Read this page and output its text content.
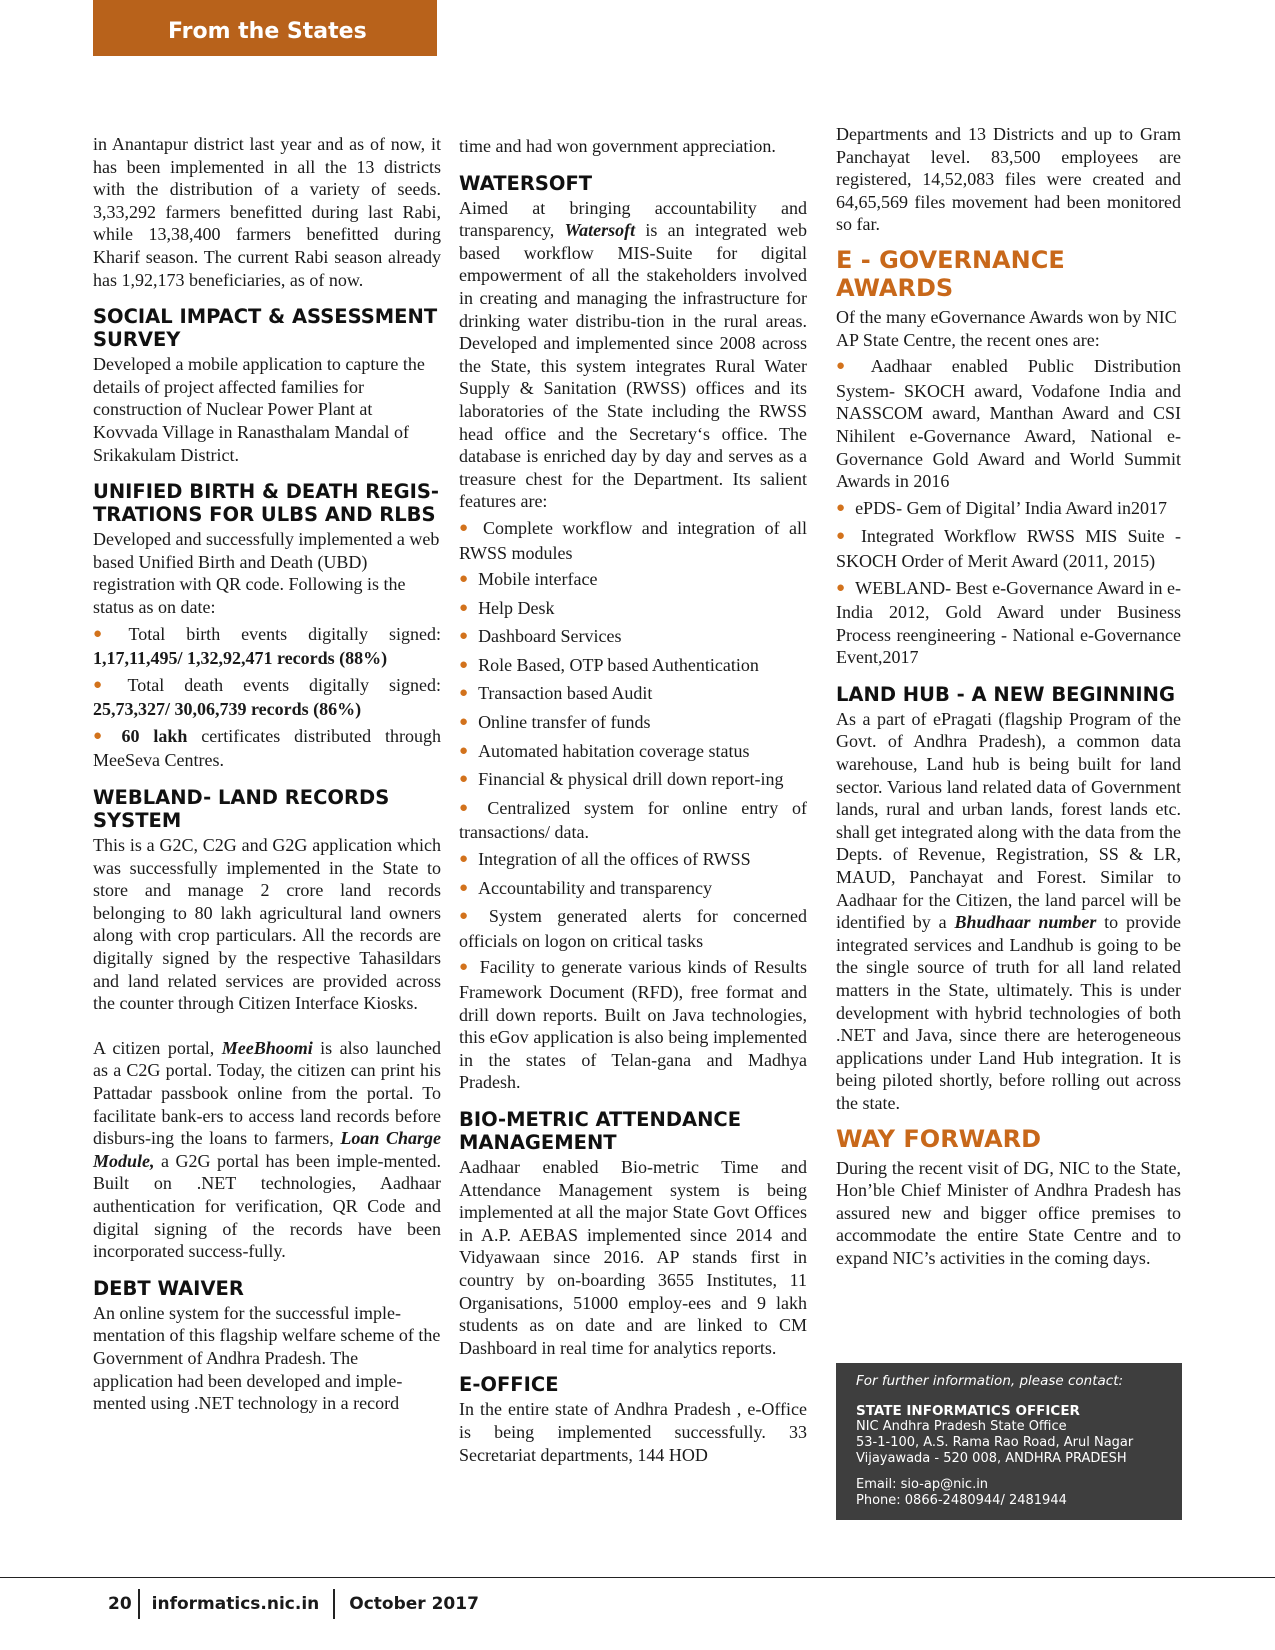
From the States

in Anantapur district last year and as of now, it has been implemented in all the 13 districts with the distribution of a variety of seeds. 3,33,292 farmers benefitted during last Rabi, while 13,38,400 farmers benefitted during Kharif season. The current Rabi season already has 1,92,173 beneficiaries, as of now.

SOCIAL IMPACT & ASSESSMENT SURVEY

Developed a mobile application to capture the details of project affected families for construction of Nuclear Power Plant at Kovvada Village in Ranasthalam Mandal of Srikakulam District.

UNIFIED BIRTH & DEATH REGIS-TRATIONS FOR ULBS AND RLBS

Developed and successfully implemented a web based Unified Birth and Death (UBD) registration with QR code. Following is the status as on date:

● Total birth events digitally signed: 1,17,11,495/ 1,32,92,471 records (88%)
● Total death events digitally signed: 25,73,327/ 30,06,739 records (86%)
● 60 lakh certificates distributed through MeeSeva Centres.
WEBLAND- LAND RECORDS SYSTEM

This is a G2C, C2G and G2G application which was successfully implemented in the State to store and manage 2 crore land records belonging to 80 lakh agricultural land owners along with crop particulars. All the records are digitally signed by the respective Tahasildars and land related services are provided across the counter through Citizen Interface Kiosks.

A citizen portal, MeeBhoomi is also launched as a C2G portal. Today, the citizen can print his Pattadar passbook online from the portal. To facilitate bank-ers to access land records before disburs-ing the loans to farmers, Loan Charge Module, a G2G portal has been imple-mented. Built on .NET technologies, Aadhaar authentication for verification, QR Code and digital signing of the records have been incorporated success-fully.

DEBT WAIVER

An online system for the successful imple-mentation of this flagship welfare scheme of the Government of Andhra Pradesh. The application had been developed and imple-mented using .NET technology in a record

time and had won government appreciation.

WATERSOFT

Aimed at bringing accountability and transparency, Watersoft is an integrated web based workflow MIS-Suite for digital empowerment of all the stakeholders involved in creating and managing the infrastructure for drinking water distribu-tion in the rural areas. Developed and implemented since 2008 across the State, this system integrates Rural Water Supply & Sanitation (RWSS) offices and its laboratories of the State including the RWSS head office and the Secretary‘s office. The database is enriched day by day and serves as a treasure chest for the Department. Its salient features are:

● Complete workflow and integration of all RWSS modules
● Mobile interface
● Help Desk
● Dashboard Services
● Role Based, OTP based Authentication
● Transaction based Audit
● Online transfer of funds
● Automated habitation coverage status
● Financial & physical drill down report-ing
● Centralized system for online entry of transactions/ data.
● Integration of all the offices of RWSS
● Accountability and transparency
● System generated alerts for concerned officials on logon on critical tasks
● Facility to generate various kinds of Results Framework Document (RFD), free format and drill down reports. Built on Java technologies, this eGov application is also being implemented in the states of Telan-gana and Madhya Pradesh.
BIO-METRIC ATTENDANCE MANAGEMENT

Aadhaar enabled Bio-metric Time and Attendance Management system is being implemented at all the major State Govt Offices in A.P. AEBAS implemented since 2014 and Vidyawaan since 2016. AP stands first in country by on-boarding 3655 Institutes, 11 Organisations, 51000 employ-ees and 9 lakh students as on date and are linked to CM Dashboard in real time for analytics reports.

E-OFFICE

In the entire state of Andhra Pradesh , e-Office is being implemented successfully. 33 Secretariat departments, 144 HOD

Departments and 13 Districts and up to Gram Panchayat level. 83,500 employees are registered, 14,52,083 files were created and 64,65,569 files movement had been monitored so far.

E - GOVERNANCE AWARDS

Of the many eGovernance Awards won by NIC AP State Centre, the recent ones are:

● Aadhaar enabled Public Distribution System- SKOCH award, Vodafone India and NASSCOM award, Manthan Award and CSI Nihilent e-Governance Award, National e-Governance Gold Award and World Summit Awards in 2016
● ePDS- Gem of Digital’ India Award in2017
● Integrated Workflow RWSS MIS Suite - SKOCH Order of Merit Award (2011, 2015)
● WEBLAND- Best e-Governance Award in e-India 2012, Gold Award under Business Process reengineering - National e-Governance Event,2017
LAND HUB - A NEW BEGINNING

As a part of ePragati (flagship Program of the Govt. of Andhra Pradesh), a common data warehouse, Land hub is being built for land sector. Various land related data of Government lands, rural and urban lands, forest lands etc. shall get integrated along with the data from the Depts. of Revenue, Registration, SS & LR, MAUD, Panchayat and Forest. Similar to Aadhaar for the Citizen, the land parcel will be identified by a Bhudhaar number to provide integrated services and Landhub is going to be the single source of truth for all land related matters in the State, ultimately. This is under development with hybrid technologies of both .NET and Java, since there are heterogeneous applications under Land Hub integration. It is being piloted shortly, before rolling out across the state.

WAY FORWARD

During the recent visit of DG, NIC to the State, Hon’ble Chief Minister of Andhra Pradesh has assured new and bigger office premises to accommodate the entire State Centre and to expand NIC’s activities in the coming days.

For further information, please contact:
STATE INFORMATICS OFFICER
NIC Andhra Pradesh State Office
53-1-100, A.S. Rama Rao Road, Arul Nagar
Vijayawada - 520 008, ANDHRA PRADESH
Email: sio-ap@nic.in
Phone: 0866-2480944/ 2481944
20 informatics.nic.in October 2017
